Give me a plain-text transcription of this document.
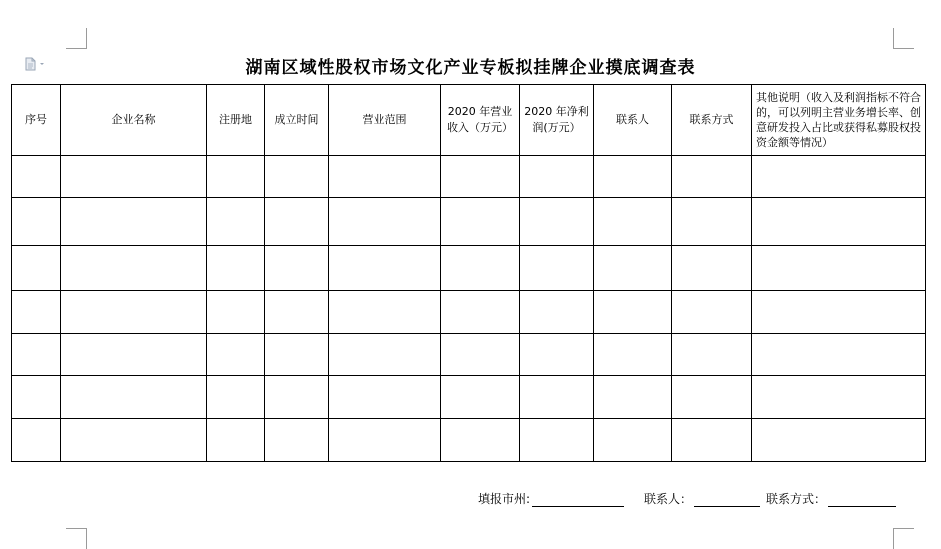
湖南区域性股权市场文化产业专板拟挂牌企业摸底调查表
序号	企业名称	注册地	成立时间	营业范围	2020 年营业收入（万元）	2020 年净利润(万元）	联系人	联系方式	其他说明（收入及利润指标不符合的，可以列明主营业务增长率、创意研发投入占比或获得私募股权投资金额等情况）

填报市州:	联系人：	联系方式：
